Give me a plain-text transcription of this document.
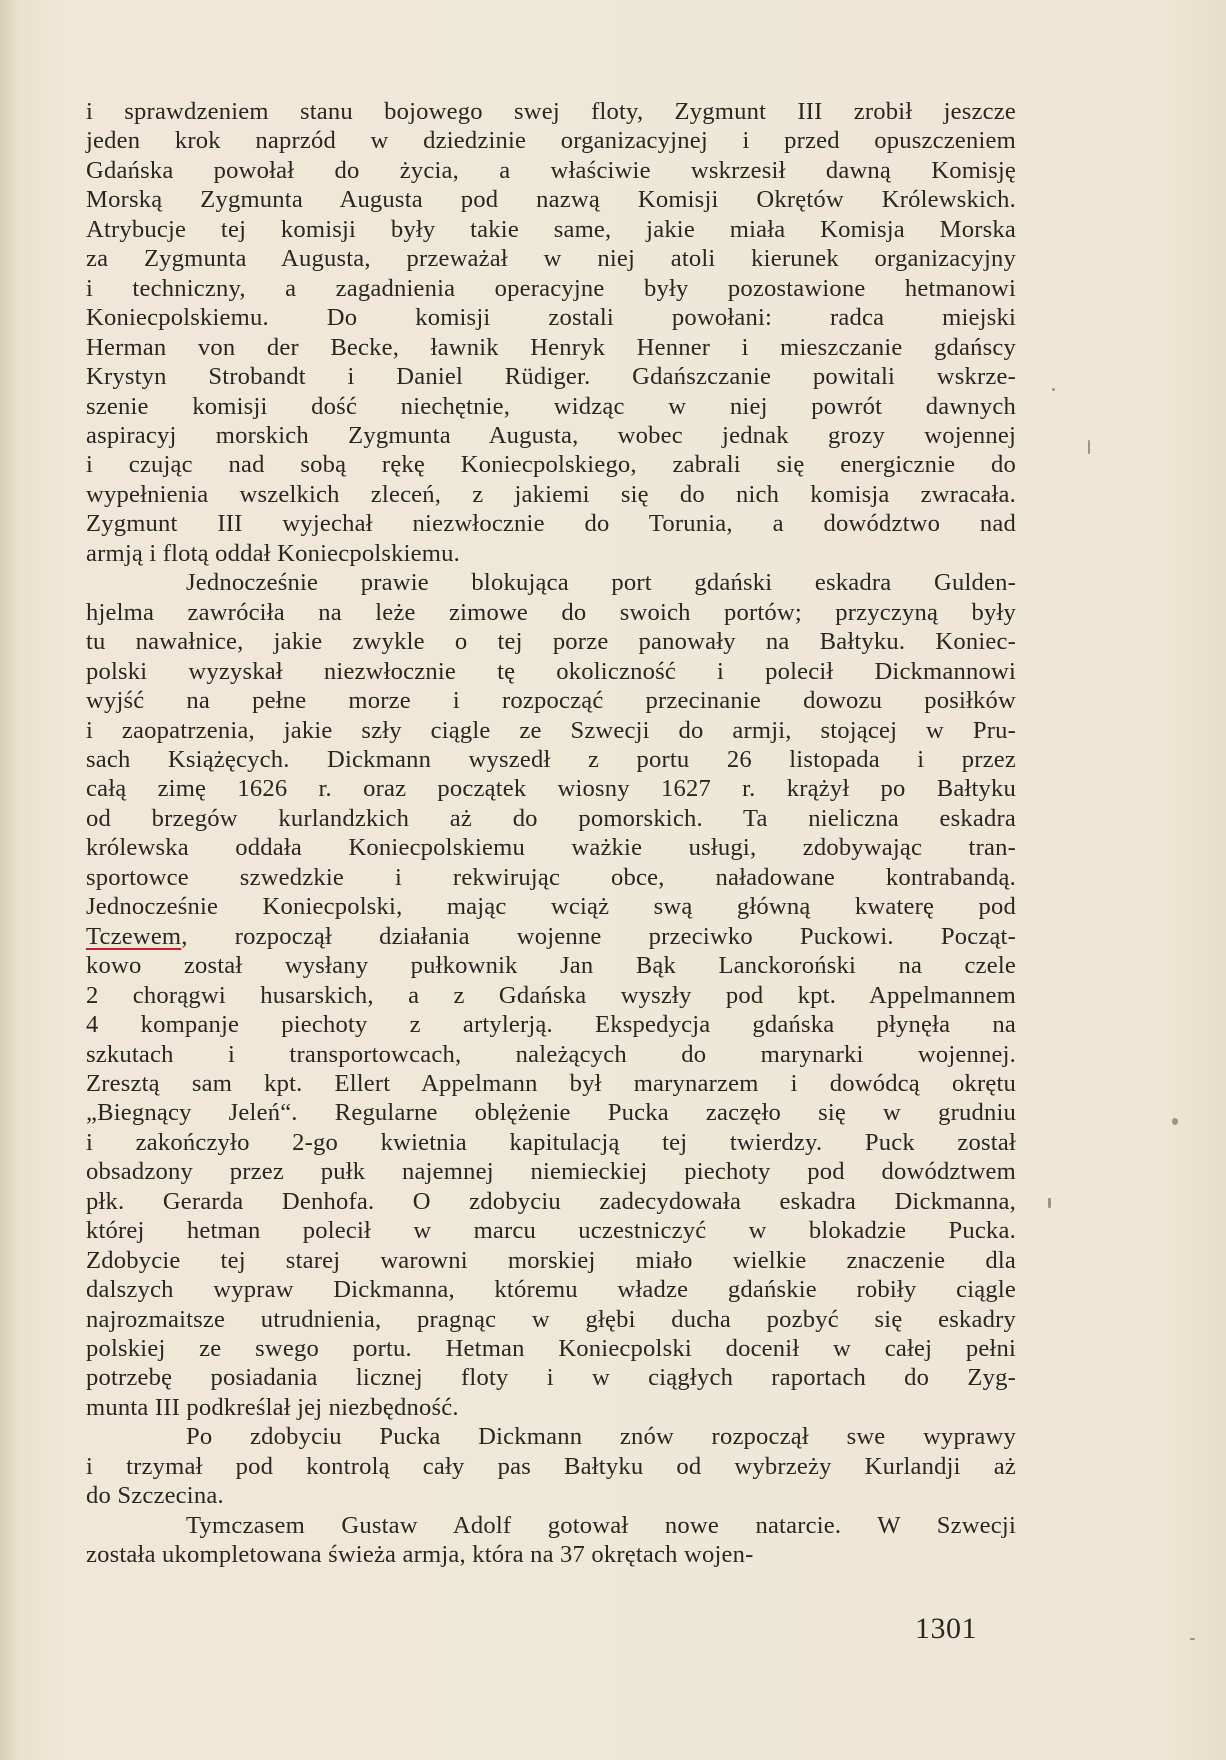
i sprawdzeniem stanu bojowego swej floty, Zygmunt III zrobił jeszcze
jeden krok naprzód w dziedzinie organizacyjnej i przed opuszczeniem
Gdańska powołał do życia, a właściwie wskrzesił dawną Komisję
Morską Zygmunta Augusta pod nazwą Komisji Okrętów Królewskich.
Atrybucje tej komisji były takie same, jakie miała Komisja Morska
za Zygmunta Augusta, przeważał w niej atoli kierunek organizacyjny
i techniczny, a zagadnienia operacyjne były pozostawione hetmanowi
Koniecpolskiemu. Do komisji zostali powołani: radca miejski
Herman von der Becke, ławnik Henryk Henner i mieszczanie gdańscy
Krystyn Strobandt i Daniel Rüdiger. Gdańszczanie powitali wskrze-
szenie komisji dość niechętnie, widząc w niej powrót dawnych
aspiracyj morskich Zygmunta Augusta, wobec jednak grozy wojennej
i czując nad sobą rękę Koniecpolskiego, zabrali się energicznie do
wypełnienia wszelkich zleceń, z jakiemi się do nich komisja zwracała.
Zygmunt III wyjechał niezwłocznie do Torunia, a dowództwo nad
armją i flotą oddał Koniecpolskiemu.
Jednocześnie prawie blokująca port gdański eskadra Gulden-
hjelma zawróciła na leże zimowe do swoich portów; przyczyną były
tu nawałnice, jakie zwykle o tej porze panowały na Bałtyku. Koniec-
polski wyzyskał niezwłocznie tę okoliczność i polecił Dickmannowi
wyjść na pełne morze i rozpocząć przecinanie dowozu posiłków
i zaopatrzenia, jakie szły ciągle ze Szwecji do armji, stojącej w Pru-
sach Książęcych. Dickmann wyszedł z portu 26 listopada i przez
całą zimę 1626 r. oraz początek wiosny 1627 r. krążył po Bałtyku
od brzegów kurlandzkich aż do pomorskich. Ta nieliczna eskadra
królewska oddała Koniecpolskiemu ważkie usługi, zdobywając tran-
sportowce szwedzkie i rekwirując obce, naładowane kontrabandą.
Jednocześnie Koniecpolski, mając wciąż swą główną kwaterę pod
Tczewem, rozpoczął działania wojenne przeciwko Puckowi. Począt-
kowo został wysłany pułkownik Jan Bąk Lanckoroński na czele
2 chorągwi husarskich, a z Gdańska wyszły pod kpt. Appelmannem
4 kompanje piechoty z artylerją. Ekspedycja gdańska płynęła na
szkutach i transportowcach, należących do marynarki wojennej.
Zresztą sam kpt. Ellert Appelmann był marynarzem i dowódcą okrętu
„Biegnący Jeleń“. Regularne oblężenie Pucka zaczęło się w grudniu
i zakończyło 2-go kwietnia kapitulacją tej twierdzy. Puck został
obsadzony przez pułk najemnej niemieckiej piechoty pod dowództwem
płk. Gerarda Denhofa. O zdobyciu zadecydowała eskadra Dickmanna,
której hetman polecił w marcu uczestniczyć w blokadzie Pucka.
Zdobycie tej starej warowni morskiej miało wielkie znaczenie dla
dalszych wypraw Dickmanna, któremu władze gdańskie robiły ciągle
najrozmaitsze utrudnienia, pragnąc w głębi ducha pozbyć się eskadry
polskiej ze swego portu. Hetman Koniecpolski docenił w całej pełni
potrzebę posiadania licznej floty i w ciągłych raportach do Zyg-
munta III podkreślał jej niezbędność.
Po zdobyciu Pucka Dickmann znów rozpoczął swe wyprawy
i trzymał pod kontrolą cały pas Bałtyku od wybrzeży Kurlandji aż
do Szczecina.
Tymczasem Gustaw Adolf gotował nowe natarcie. W Szwecji
została ukompletowana świeża armja, która na 37 okrętach wojen-
1301
